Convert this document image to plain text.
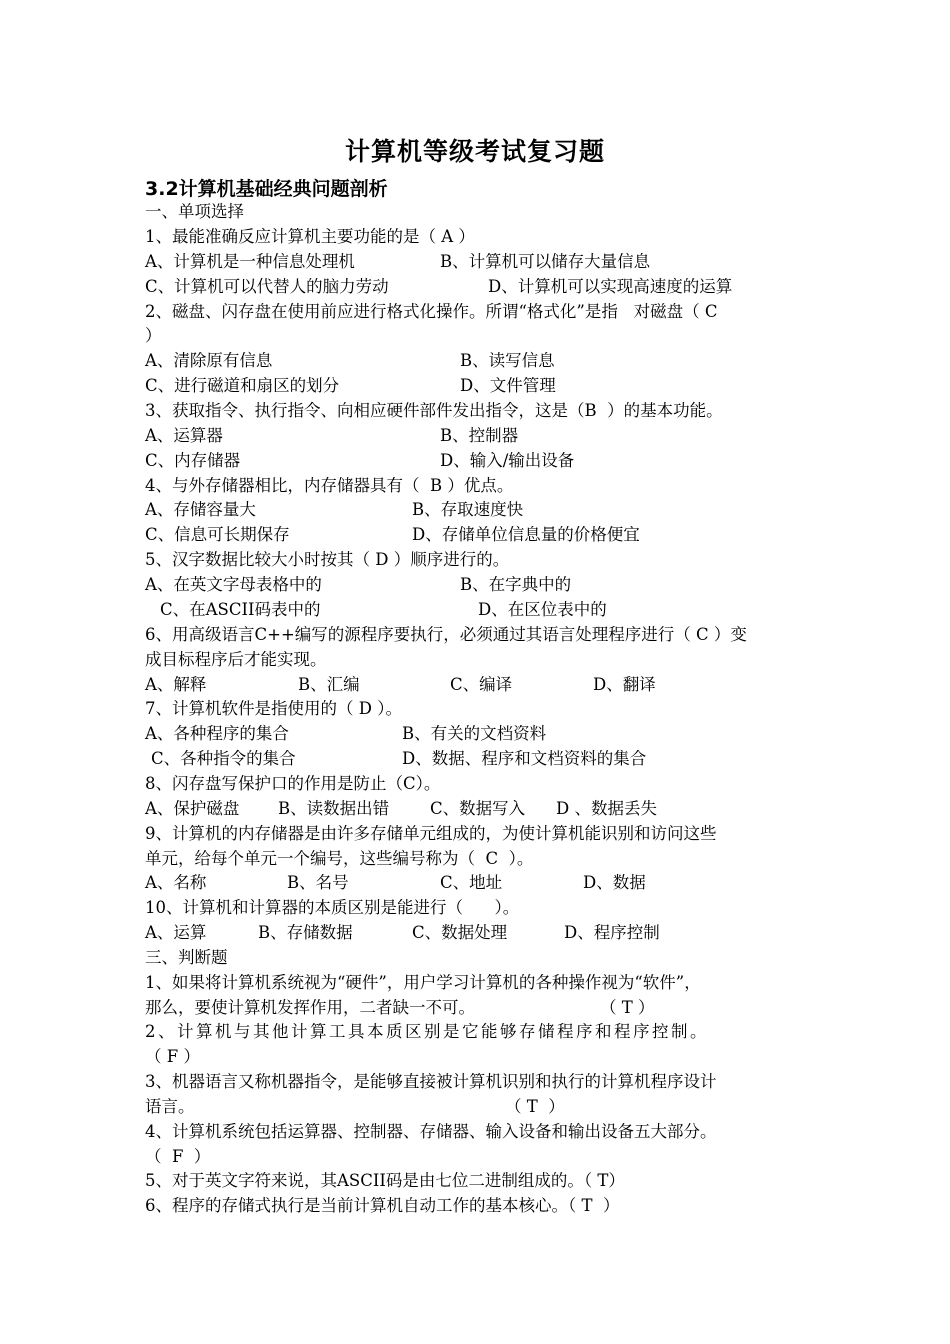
计算机等级考试复习题
3.2计算机基础经典问题剖析
一、单项选择
1、最能准确反应计算机主要功能的是（ A ）
A、计算机是一种信息处理机	B、计算机可以储存大量信息
C、计算机可以代替人的脑力劳动	D、计算机可以实现高速度的运算
2、磁盘、闪存盘在使用前应进行格式化操作。所谓“格式化”是指   对磁盘（ C
）
A、清除原有信息	B、读写信息
C、进行磁道和扇区的划分	D、文件管理
3、获取指令、执行指令、向相应硬件部件发出指令，这是（B  ）的基本功能。
A、运算器	B、控制器
C、内存储器	D、输入/输出设备
4、与外存储器相比，内存储器具有（  B ）优点。
A、存储容量大	B、存取速度快
C、信息可长期保存	D、存储单位信息量的价格便宜
5、汉字数据比较大小时按其（ D ）顺序进行的。
A、在英文字母表格中的	B、在字典中的
C、在ASCII码表中的	D、在区位表中的
6、用高级语言C++编写的源程序要执行，必须通过其语言处理程序进行（ C ）变
成目标程序后才能实现。
A、解释	B、汇编	C、编译	D、翻译
7、计算机软件是指使用的（ D ）。
A、各种程序的集合	B、有关的文档资料
C、各种指令的集合	D、数据、程序和文档资料的集合
8、闪存盘写保护口的作用是防止（C）。
A、保护磁盘 B、读数据出错 C、数据写入 D 、数据丢失
9、计算机的内存储器是由许多存储单元组成的，为使计算机能识别和访问这些
单元，给每个单元一个编号，这些编号称为（  C  ）。
A、名称	B、名号	C、地址	D、数据
10、计算机和计算器的本质区别是能进行（      ）。
A、运算	B、存储数据	C、数据处理	D、程序控制
三、判断题
1、如果将计算机系统视为“硬件”，用户学习计算机的各种操作视为“软件”，
那么，要使计算机发挥作用，二者缺一不可。	（ T ）
2、计算机与其他计算工具本质区别是它能够存储程序和程序控制。
（ F ）
3、机器语言又称机器指令，是能够直接被计算机识别和执行的计算机程序设计
语言。	（ T  ）
4、计算机系统包括运算器、控制器、存储器、输入设备和输出设备五大部分。
（  F  ）
5、对于英文字符来说，其ASCII码是由七位二进制组成的。（ T）
6、程序的存储式执行是当前计算机自动工作的基本核心。（ T  ）
